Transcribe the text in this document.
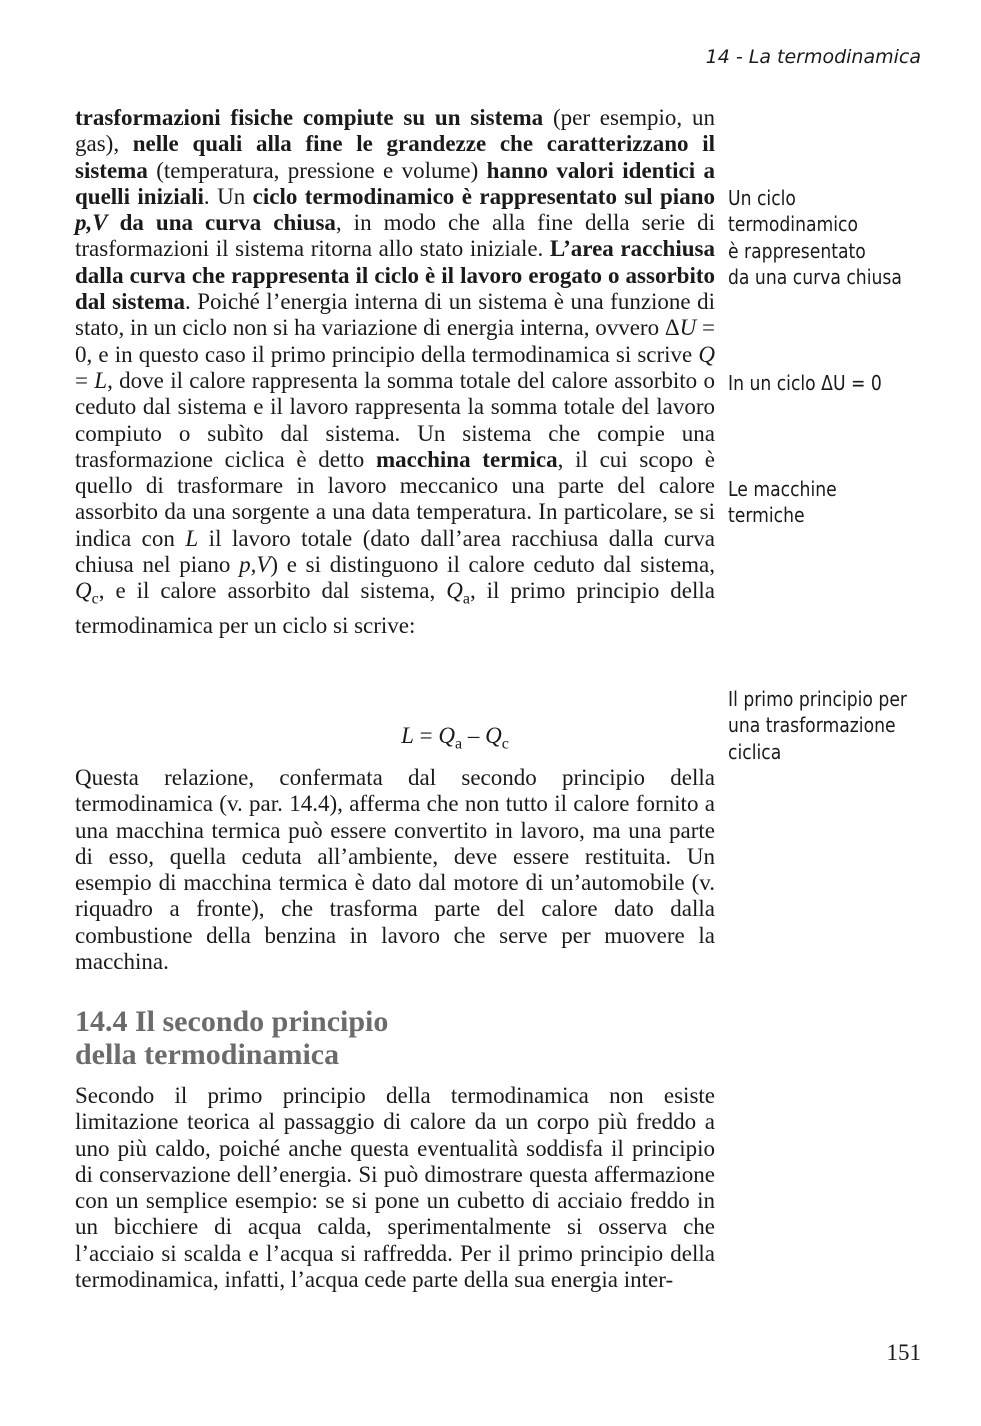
14 - La termodinamica

trasformazioni fisiche compiute su un sistema (per esempio, un gas), nelle quali alla fine le grandezze che caratterizzano il sistema (temperatura, pressione e volume) hanno valori identici a quelli iniziali. Un ciclo termodinamico è rappresentato sul piano p,V da una curva chiusa, in modo che alla fine della serie di trasformazioni il sistema ritorna allo stato iniziale. L’area racchiusa dalla curva che rappresenta il ciclo è il lavoro erogato o assorbito dal sistema. Poiché l’energia interna di un sistema è una funzione di stato, in un ciclo non si ha variazione di energia interna, ovvero ΔU = 0, e in questo caso il primo principio della termodinamica si scrive Q = L, dove il calore rappresenta la somma totale del calore assorbito o ceduto dal sistema e il lavoro rappresenta la somma totale del lavoro compiuto o subìto dal sistema. Un sistema che compie una trasformazione ciclica è detto macchina termica, il cui scopo è quello di trasformare in lavoro meccanico una parte del calore assorbito da una sorgente a una data temperatura. In particolare, se si indica con L il lavoro totale (dato dall’area racchiusa dalla curva chiusa nel piano p,V) e si distinguono il calore ceduto dal sistema, $Q_c$, e il calore assorbito dal sistema, $Q_a$, il primo principio della termodinamica per un ciclo si scrive:

$L = Q_a - Q_c$

Questa relazione, confermata dal secondo principio della termodinamica (v. par. 14.4), afferma che non tutto il calore fornito a una macchina termica può essere convertito in lavoro, ma una parte di esso, quella ceduta all’ambiente, deve essere restituita. Un esempio di macchina termica è dato dal motore di un’automobile (v. riquadro a fronte), che trasforma parte del calore dato dalla combustione della benzina in lavoro che serve per muovere la macchina.

14.4 Il secondo principio
della termodinamica

Secondo il primo principio della termodinamica non esiste limitazione teorica al passaggio di calore da un corpo più freddo a uno più caldo, poiché anche questa eventualità soddisfa il principio di conservazione dell’energia. Si può dimostrare questa affermazione con un semplice esempio: se si pone un cubetto di acciaio freddo in un bicchiere di acqua calda, sperimentalmente si osserva che l’acciaio si scalda e l’acqua si raffredda. Per il primo principio della termodinamica, infatti, l’acqua cede parte della sua energia inter-

Un ciclo
termodinamico
è rappresentato
da una curva chiusa
In un ciclo ΔU = 0
Le macchine
termiche
Il primo principio per
una trasformazione
ciclica
151
